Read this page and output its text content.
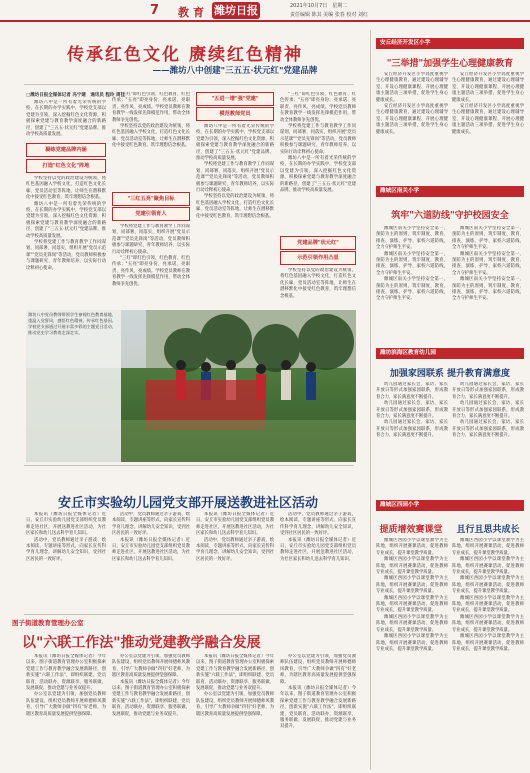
7	教育 潍坊日报	2021年10月7日　星期二
责任编辑 陈其 美编 张春 校对 刘红
传承红色文化 赓续红色精神
——潍坊八中创建"三五五·状元红"党建品牌
□潍坊日报全媒体记者 冯宁建　通讯员 程玲 周佳
潍坊八中是一所有着光荣传统的学校，在长期的办学实践中，学校党支部以党建为引领，深入挖掘红色文化资源，积极探索党建与教育教学深度融合的新路径，创建了"三五五·状元红"党建品牌，推动学校高质量发展。
凝练党建品牌内涵
打造"红色文化"阵地
学校坚持以党的政治建设为统领，将红色基因融入学校文化，打造红色文化长廊、党员活动室等阵地，让师生在潜移默化中接受红色教育，筑牢理想信念根基。
潍坊八中是一所有着光荣传统的学校，在长期的办学实践中，学校党支部以党建为引领，深入挖掘红色文化资源，积极探索党建与教育教学深度融合的新路径，创建了"三五五·状元红"党建品牌，推动学校高质量发展。
学校将党建工作与教育教学工作同谋划、同部署、同落实，组织开展"党员示范课""党员先锋岗"等活动，党员教师积极参与课题研究、青年教师培养，以实际行动诠释初心使命。
"三红"即红色引领、红色教育、红色传承；"五亮"即亮身份、亮承诺、亮职责、亮作风、亮成绩。学校党员教师在教育教学一线发挥先锋模范作用，带动全体教师争先创优。
学校坚持以党的政治建设为统领，将红色基因融入学校文化，打造红色文化长廊、党员活动室等阵地，让师生在潜移默化中接受红色教育，筑牢理想信念根基。
"三红五亮"聚焦目标
党建引领育人
学校将党建工作与教育教学工作同谋划、同部署、同落实，组织开展"党员示范课""党员先锋岗"等活动，党员教师积极参与课题研究、青年教师培养，以实际行动诠释初心使命。
"三红"即红色引领、红色教育、红色传承；"五亮"即亮身份、亮承诺、亮职责、亮作风、亮成绩。学校党员教师在教育教学一线发挥先锋模范作用，带动全体教师争先创优。
"五进一增"强"党建"
模范教师党员
潍坊八中是一所有着光荣传统的学校，在长期的办学实践中，学校党支部以党建为引领，深入挖掘红色文化资源，积极探索党建与教育教学深度融合的新路径，创建了"三五五·状元红"党建品牌，推动学校高质量发展。
学校将党建工作与教育教学工作同谋划、同部署、同落实，组织开展"党员示范课""党员先锋岗"等活动，党员教师积极参与课题研究、青年教师培养，以实际行动诠释初心使命。
学校坚持以党的政治建设为统领，将红色基因融入学校文化，打造红色文化长廊、党员活动室等阵地，让师生在潜移默化中接受红色教育，筑牢理想信念根基。
"三红"即红色引领、红色教育、红色传承；"五亮"即亮身份、亮承诺、亮职责、亮作风、亮成绩。学校党员教师在教育教学一线发挥先锋模范作用，带动全体教师争先创优。
学校将党建工作与教育教学工作同谋划、同部署、同落实，组织开展"党员示范课""党员先锋岗"等活动，党员教师积极参与课题研究、青年教师培养，以实际行动诠释初心使命。
潍坊八中是一所有着光荣传统的学校，在长期的办学实践中，学校党支部以党建为引领，深入挖掘红色文化资源，积极探索党建与教育教学深度融合的新路径，创建了"三五五·状元红"党建品牌，推动学校高质量发展。
党建品牌"状元红"
示范引领作用凸显
学校坚持以党的政治建设为统领，将红色基因融入学校文化，打造红色文化长廊、党员活动室等阵地，让师生在潜移默化中接受红色教育，筑牢理想信念根基。
潍坊八中党员教师带领学生参观红色教育基地，重温入党誓词，感悟红色精神，传承红色基因。学校党支部通过开展丰富多彩的主题党日活动，推动党史学习教育走深走实。
安丘市实验幼儿园党支部开展送教进社区活动
本报讯（潍坊日报全媒体记者）近日，安丘市实验幼儿园党支部组织党员教师走进社区，开展送教进社区活动，为社区家长和幼儿送去科学育儿知识。
活动中，党员教师通过亲子游戏、绘本阅读、专题讲座等形式，向家长宣传科学育儿理念，讲解幼儿安全知识，受到社区居民的一致好评。
活动中，党员教师通过亲子游戏、绘本阅读、专题讲座等形式，向家长宣传科学育儿理念，讲解幼儿安全知识，受到社区居民的一致好评。
本报讯（潍坊日报全媒体记者）近日，安丘市实验幼儿园党支部组织党员教师走进社区，开展送教进社区活动，为社区家长和幼儿送去科学育儿知识。
本报讯（潍坊日报全媒体记者）近日，安丘市实验幼儿园党支部组织党员教师走进社区，开展送教进社区活动，为社区家长和幼儿送去科学育儿知识。
活动中，党员教师通过亲子游戏、绘本阅读、专题讲座等形式，向家长宣传科学育儿理念，讲解幼儿安全知识，受到社区居民的一致好评。
活动中，党员教师通过亲子游戏、绘本阅读、专题讲座等形式，向家长宣传科学育儿理念，讲解幼儿安全知识，受到社区居民的一致好评。
本报讯（潍坊日报全媒体记者）近日，安丘市实验幼儿园党支部组织党员教师走进社区，开展送教进社区活动，为社区家长和幼儿送去科学育儿知识。
图子街道教育管理办公室
以"六联工作法"推动党建教学融合发展
本报讯（潍坊日报全媒体记者）今年以来，图子街道教育管理办公室积极探索党建工作与教育教学融合发展新路径，创新实施"六联工作法"，即组织联建、党员联育、活动联办、资源联享、服务联做、发展联促，推动党建与业务双提升。
办公室以党建为引领，加强党员教师队伍建设，组织党员教师开展师德师风教育，引导广大教师争做"四有"好老师，为辖区教育高质量发展提供坚强保障。
办公室以党建为引领，加强党员教师队伍建设，组织党员教师开展师德师风教育，引导广大教师争做"四有"好老师，为辖区教育高质量发展提供坚强保障。
本报讯（潍坊日报全媒体记者）今年以来，图子街道教育管理办公室积极探索党建工作与教育教学融合发展新路径，创新实施"六联工作法"，即组织联建、党员联育、活动联办、资源联享、服务联做、发展联促，推动党建与业务双提升。
本报讯（潍坊日报全媒体记者）今年以来，图子街道教育管理办公室积极探索党建工作与教育教学融合发展新路径，创新实施"六联工作法"，即组织联建、党员联育、活动联办、资源联享、服务联做、发展联促，推动党建与业务双提升。
办公室以党建为引领，加强党员教师队伍建设，组织党员教师开展师德师风教育，引导广大教师争做"四有"好老师，为辖区教育高质量发展提供坚强保障。
办公室以党建为引领，加强党员教师队伍建设，组织党员教师开展师德师风教育，引导广大教师争做"四有"好老师，为辖区教育高质量发展提供坚强保障。
本报讯（潍坊日报全媒体记者）今年以来，图子街道教育管理办公室积极探索党建工作与教育教学融合发展新路径，创新实施"六联工作法"，即组织联建、党员联育、活动联办、资源联享、服务联做、发展联促，推动党建与业务双提升。
安丘经济开发区小学
"三举措"加强学生心理健康教育
安丘经济开发区小学高度重视学生心理健康教育，通过建设心理辅导室、开设心理健康课程、开展心理健康主题活动三项举措，促进学生身心健康成长。
安丘经济开发区小学高度重视学生心理健康教育，通过建设心理辅导室、开设心理健康课程、开展心理健康主题活动三项举措，促进学生身心健康成长。
安丘经济开发区小学高度重视学生心理健康教育，通过建设心理辅导室、开设心理健康课程、开展心理健康主题活动三项举措，促进学生身心健康成长。
安丘经济开发区小学高度重视学生心理健康教育，通过建设心理辅导室、开设心理健康课程、开展心理健康主题活动三项举措，促进学生身心健康成长。
潍城区南关小学
筑牢"六道防线"守护校园安全
潍城区南关小学坚持安全第一、预防为主的原则，筑牢制度、教育、排查、演练、护导、家校六道防线，全力守护师生平安。
潍城区南关小学坚持安全第一、预防为主的原则，筑牢制度、教育、排查、演练、护导、家校六道防线，全力守护师生平安。
潍城区南关小学坚持安全第一、预防为主的原则，筑牢制度、教育、排查、演练、护导、家校六道防线，全力守护师生平安。
潍城区南关小学坚持安全第一、预防为主的原则，筑牢制度、教育、排查、演练、护导、家校六道防线，全力守护师生平安。
潍城区南关小学坚持安全第一、预防为主的原则，筑牢制度、教育、排查、演练、护导、家校六道防线，全力守护师生平安。
潍城区南关小学坚持安全第一、预防为主的原则，筑牢制度、教育、排查、演练、护导、家校六道防线，全力守护师生平安。
潍坊滨海区教育幼儿园
加强家园联系 提升教育满意度
幼儿园通过家长会、家访、家长开放日等形式加强家园联系，形成教育合力，家长满意度不断提升。
幼儿园通过家长会、家访、家长开放日等形式加强家园联系，形成教育合力，家长满意度不断提升。
幼儿园通过家长会、家访、家长开放日等形式加强家园联系，形成教育合力，家长满意度不断提升。
幼儿园通过家长会、家访、家长开放日等形式加强家园联系，形成教育合力，家长满意度不断提升。
幼儿园通过家长会、家访、家长开放日等形式加强家园联系，形成教育合力，家长满意度不断提升。
幼儿园通过家长会、家访、家长开放日等形式加强家园联系，形成教育合力，家长满意度不断提升。
潍城区西园小学
提质增效赛课堂	且行且思共成长
潍城区西园小学以课堂教学为主阵地，组织开展赛课活动，促进教师专业成长，提升课堂教学质量。
潍城区西园小学以课堂教学为主阵地，组织开展赛课活动，促进教师专业成长，提升课堂教学质量。
潍城区西园小学以课堂教学为主阵地，组织开展赛课活动，促进教师专业成长，提升课堂教学质量。
潍城区西园小学以课堂教学为主阵地，组织开展赛课活动，促进教师专业成长，提升课堂教学质量。
潍城区西园小学以课堂教学为主阵地，组织开展赛课活动，促进教师专业成长，提升课堂教学质量。
潍城区西园小学以课堂教学为主阵地，组织开展赛课活动，促进教师专业成长，提升课堂教学质量。
潍城区西园小学以课堂教学为主阵地，组织开展赛课活动，促进教师专业成长，提升课堂教学质量。
潍城区西园小学以课堂教学为主阵地，组织开展赛课活动，促进教师专业成长，提升课堂教学质量。
潍城区西园小学以课堂教学为主阵地，组织开展赛课活动，促进教师专业成长，提升课堂教学质量。
潍城区西园小学以课堂教学为主阵地，组织开展赛课活动，促进教师专业成长，提升课堂教学质量。
潍城区西园小学以课堂教学为主阵地，组织开展赛课活动，促进教师专业成长，提升课堂教学质量。
潍城区西园小学以课堂教学为主阵地，组织开展赛课活动，促进教师专业成长，提升课堂教学质量。
